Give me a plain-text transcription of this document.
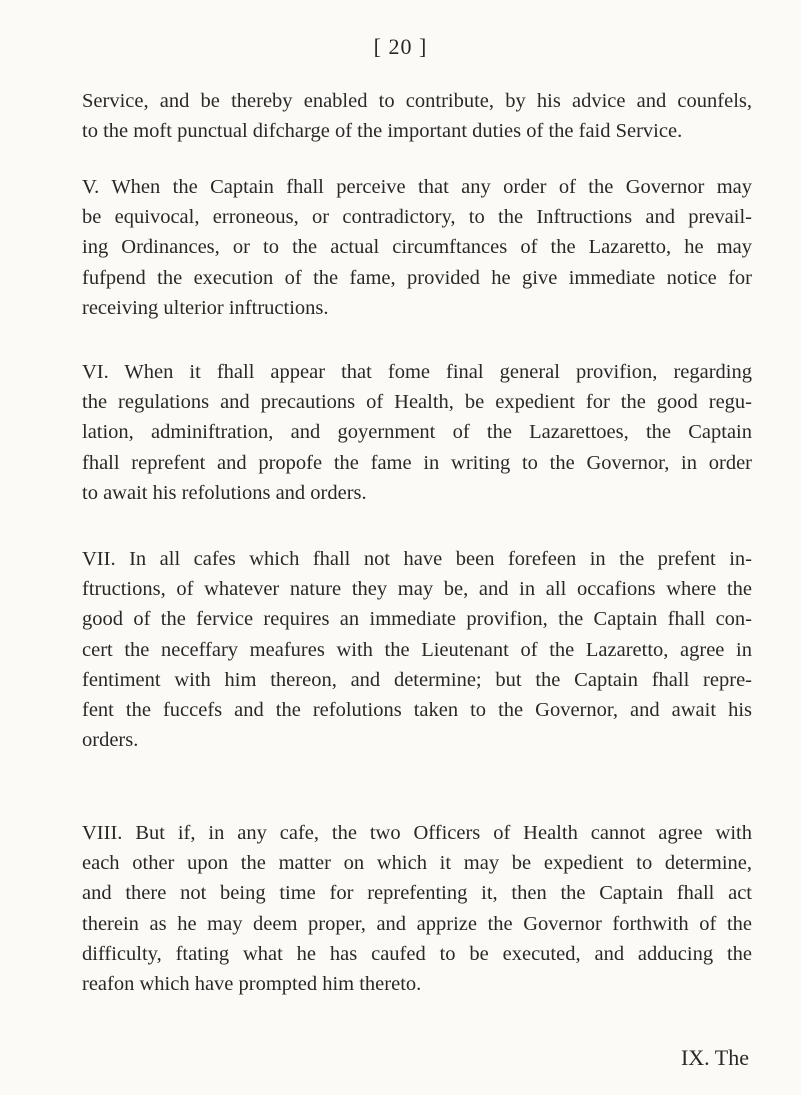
[ 20 ]
Service, and be thereby enabled to contribute, by his advice and counfels,
to the moft punctual difcharge of the important duties of the faid Service.
V. When the Captain fhall perceive that any order of the Governor may
be equivocal, erroneous, or contradictory, to the Inftructions and prevail-
ing Ordinances, or to the actual circumftances of the Lazaretto, he may
fufpend the execution of the fame, provided he give immediate notice for
receiving ulterior inftructions.
VI. When it fhall appear that fome final general provifion, regarding
the regulations and precautions of Health, be expedient for the good regu-
lation, adminiftration, and goyernment of the Lazarettoes, the Captain
fhall reprefent and propofe the fame in writing to the Governor, in order
to await his refolutions and orders.
VII. In all cafes which fhall not have been forefeen in the prefent in-
ftructions, of whatever nature they may be, and in all occafions where the
good of the fervice requires an immediate provifion, the Captain fhall con-
cert the neceffary meafures with the Lieutenant of the Lazaretto, agree in
fentiment with him thereon, and determine; but the Captain fhall repre-
fent the fuccefs and the refolutions taken to the Governor, and await his
orders.
VIII. But if, in any cafe, the two Officers of Health cannot agree with
each other upon the matter on which it may be expedient to determine,
and there not being time for reprefenting it, then the Captain fhall act
therein as he may deem proper, and apprize the Governor forthwith of the
difficulty, ftating what he has caufed to be executed, and adducing the
reafon which have prompted him thereto.
IX. The
